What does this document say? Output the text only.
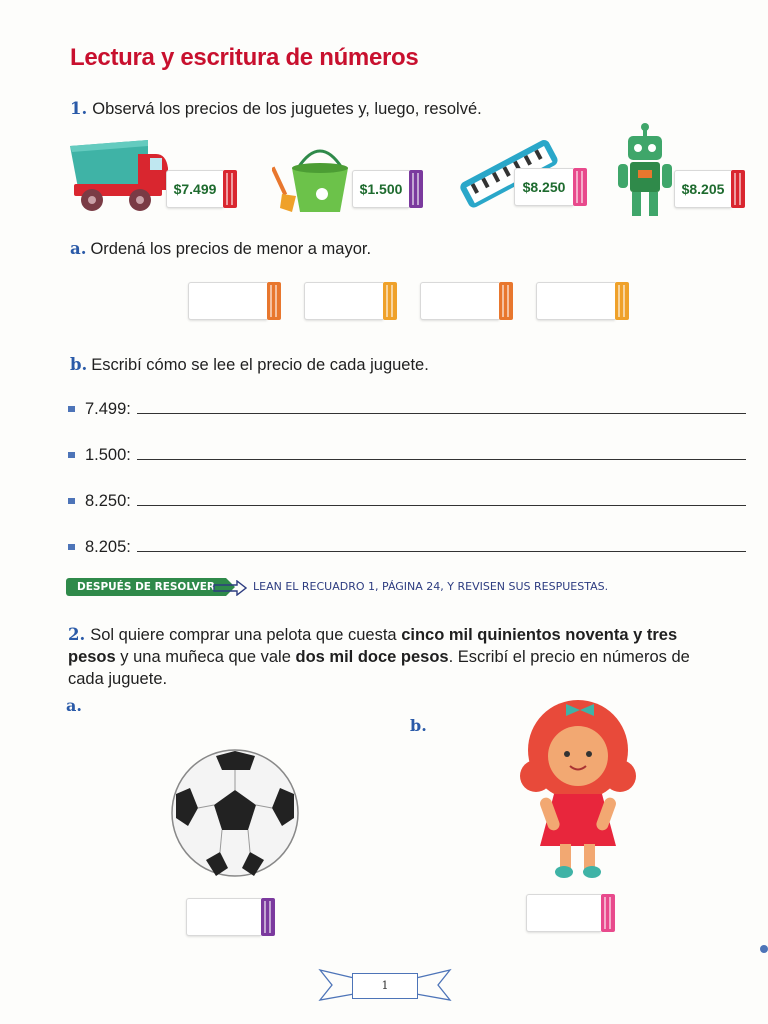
Lectura y escritura de números
1. Observá los precios de los juguetes y, luego, resolvé.
$7.499	$1.500	$8.250	$8.205
a. Ordená los precios de menor a mayor.
b. Escribí cómo se lee el precio de cada juguete.
7.499:
1.500:
8.250:
8.205:
DESPUÉS DE RESOLVER	LEAN EL RECUADRO 1, PÁGINA 24, Y REVISEN SUS RESPUESTAS.
2. Sol quiere comprar una pelota que cuesta cinco mil quinientos noventa y tres pesos y una muñeca que vale dos mil doce pesos. Escribí el precio en números de cada juguete.
a.
b.
1
